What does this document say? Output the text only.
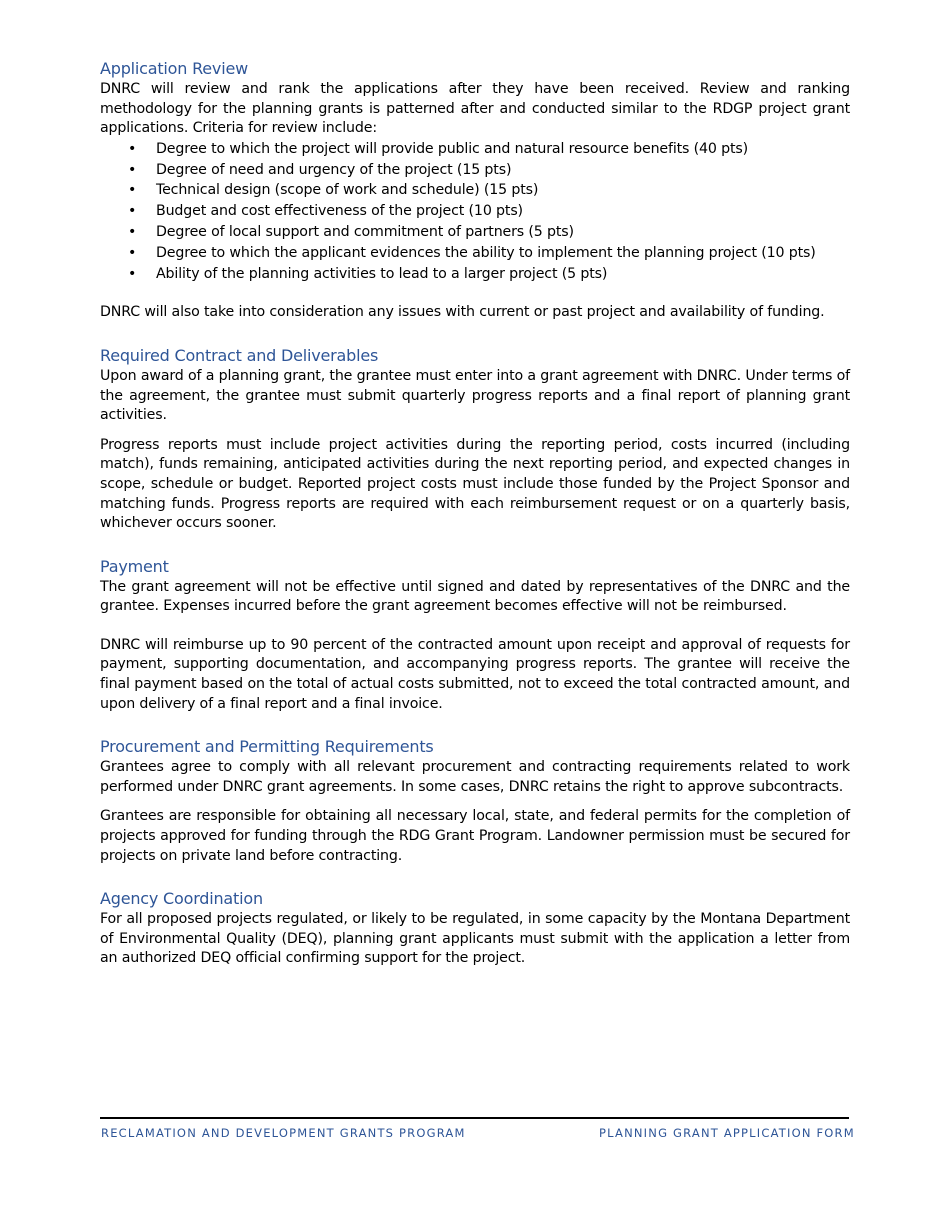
Application Review

DNRC will review and rank the applications after they have been received. Review and ranking methodology for the planning grants is patterned after and conducted similar to the RDGP project grant applications. Criteria for review include:

• Degree to which the project will provide public and natural resource benefits (40 pts)
• Degree of need and urgency of the project (15 pts)
• Technical design (scope of work and schedule) (15 pts)
• Budget and cost effectiveness of the project (10 pts)
• Degree of local support and commitment of partners (5 pts)
• Degree to which the applicant evidences the ability to implement the planning project (10 pts)
• Ability of the planning activities to lead to a larger project (5 pts)

DNRC will also take into consideration any issues with current or past project and availability of funding.

Required Contract and Deliverables

Upon award of a planning grant, the grantee must enter into a grant agreement with DNRC. Under terms of the agreement, the grantee must submit quarterly progress reports and a final report of planning grant activities.

Progress reports must include project activities during the reporting period, costs incurred (including match), funds remaining, anticipated activities during the next reporting period, and expected changes in scope, schedule or budget. Reported project costs must include those funded by the Project Sponsor and matching funds. Progress reports are required with each reimbursement request or on a quarterly basis, whichever occurs sooner.

Payment

The grant agreement will not be effective until signed and dated by representatives of the DNRC and the grantee. Expenses incurred before the grant agreement becomes effective will not be reimbursed.

DNRC will reimburse up to 90 percent of the contracted amount upon receipt and approval of requests for payment, supporting documentation, and accompanying progress reports. The grantee will receive the final payment based on the total of actual costs submitted, not to exceed the total contracted amount, and upon delivery of a final report and a final invoice.

Procurement and Permitting Requirements

Grantees agree to comply with all relevant procurement and contracting requirements related to work performed under DNRC grant agreements. In some cases, DNRC retains the right to approve subcontracts.

Grantees are responsible for obtaining all necessary local, state, and federal permits for the completion of projects approved for funding through the RDG Grant Program. Landowner permission must be secured for projects on private land before contracting.

Agency Coordination

For all proposed projects regulated, or likely to be regulated, in some capacity by the Montana Department of Environmental Quality (DEQ), planning grant applicants must submit with the application a letter from an authorized DEQ official confirming support for the project.

RECLAMATION AND DEVELOPMENT GRANTS PROGRAM	PLANNING GRANT APPLICATION FORM
